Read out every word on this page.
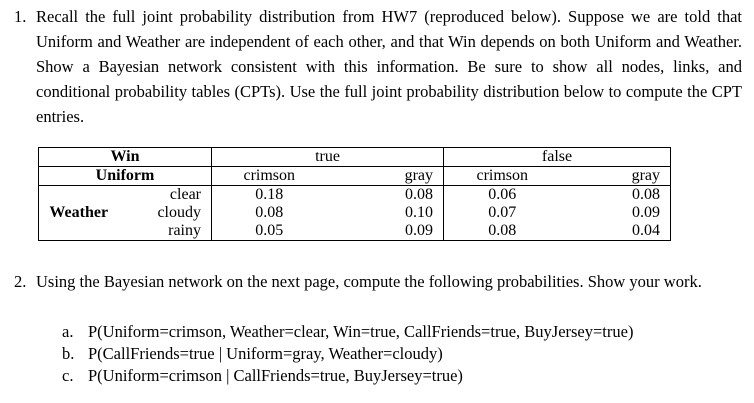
1. Recall the full joint probability distribution from HW7 (reproduced below). Suppose we are told that Uniform and Weather are independent of each other, and that Win depends on both Uniform and Weather. Show a Bayesian network consistent with this information. Be sure to show all nodes, links, and conditional probability tables (CPTs). Use the full joint probability distribution below to compute the CPT entries.
Win		true		false	
Uniform		crimson	gray	crimson	gray
Weather	clear	0.18	0.08	0.06	0.08
	cloudy	0.08	0.10	0.07	0.09
	rainy	0.05	0.09	0.08	0.04
2. Using the Bayesian network on the next page, compute the following probabilities. Show your work.
a. P(Uniform=crimson, Weather=clear, Win=true, CallFriends=true, BuyJersey=true)
b. P(CallFriends=true | Uniform=gray, Weather=cloudy)
c. P(Uniform=crimson | CallFriends=true, BuyJersey=true)
